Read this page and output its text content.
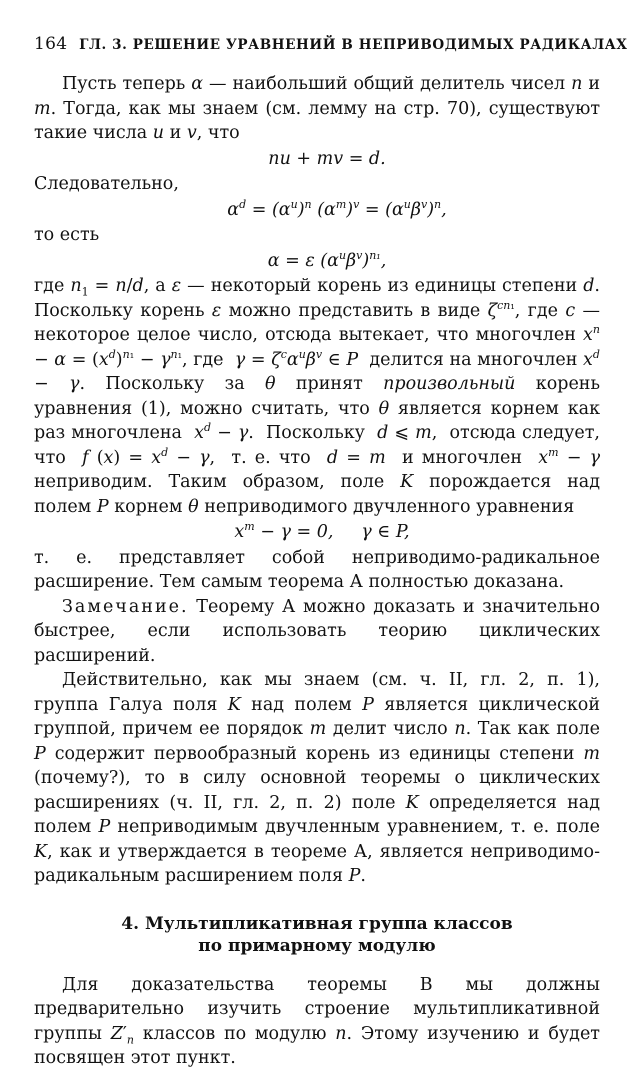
164 ГЛ. 3. РЕШЕНИЕ УРАВНЕНИЙ В НЕПРИВОДИМЫХ РАДИКАЛАХ

Пусть теперь α — наибольший общий делитель чисел n и m. Тогда, как мы знаем (см. лемму на стр. 70), существуют такие числа u и v, что

nu + mv = d.

Следовательно,

$\alpha^d = (\alpha^u)^n$ $(\alpha^m)^v = (\alpha^u\beta^v)^n$,

то есть

α = ε $(\alpha^u\beta^v)^{n_1}$,

где $n_1 = n/d$, а ε — некоторый корень из единицы степени d. Поскольку корень ε можно представить в виде $\zeta^{cn_1}$, где c — некоторое целое число, отсюда вытекает, что многочлен $x^n - \alpha = (x^d)^{n_1} - \gamma^{n_1}$, где  $\gamma = \zeta^c\alpha^u\beta^v$ ∈ P  делится на многочлен $x^d - \gamma$. Поскольку за θ принят произвольный корень уравнения (1), можно считать, что θ является корнем как раз многочлена  $x^d - \gamma$.  Поскольку  d ⩽ m,  отсюда следует, что  f $(x) = x^d - \gamma$,  т. е. что  d = m  и многочлен  $x^m - \gamma$ неприводим. Таким образом, поле K порождается над полем P корнем θ неприводимого двучленного уравнения

$x^m - \gamma = 0$,     γ ∈ P,

т. е. представляет собой неприводимо-радикальное расширение. Тем самым теорема А полностью доказана.

Замечание. Теорему А можно доказать и значительно быстрее, если использовать теорию циклических расширений.

Действительно, как мы знаем (см. ч. II, гл. 2, п. 1), группа Галуа поля K над полем P является циклической группой, причем ее порядок m делит число n. Так как поле P содержит первообразный корень из единицы степени m (почему?), то в силу основной теоремы о циклических расширениях (ч. II, гл. 2, п. 2) поле K определяется над полем P неприводимым двучленным уравнением, т. е. поле K, как и утверждается в теореме А, является неприводимо-радикальным расширением поля P.

4. Мультипликативная группа классов
по примарному модулю

Для доказательства теоремы В мы должны предварительно изучить строение мультипликативной группы $Z'_n$ классов по модулю n. Этому изучению и будет посвящен этот пункт.
